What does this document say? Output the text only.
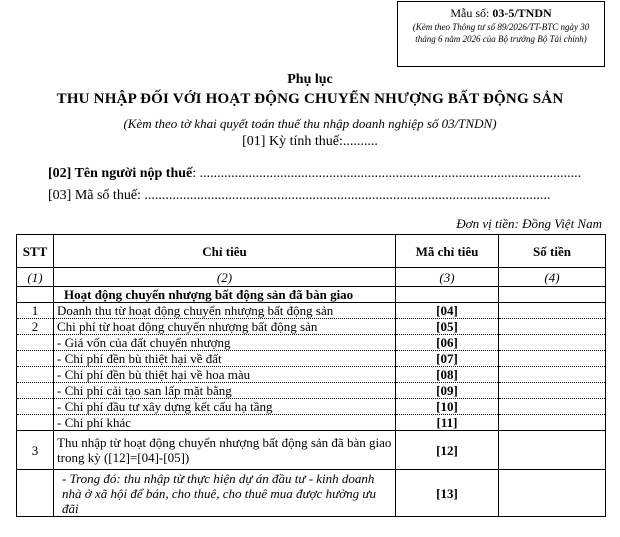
Mẫu số: 03-5/TNDN
(Kèm theo Thông tư số 89/2026/TT-BTC ngày 30 tháng 6 năm 2026 của Bộ trưởng Bộ Tài chính)
Phụ lục
THU NHẬP ĐỐI VỚI HOẠT ĐỘNG CHUYỂN NHƯỢNG BẤT ĐỘNG SẢN
(Kèm theo tờ khai quyết toán thuế thu nhập doanh nghiệp số 03/TNDN)
[01] Kỳ tính thuế:..........
[02] Tên người nộp thuế: .............................................................................................................
[03] Mã số thuế: ....................................................................................................................
Đơn vị tiền: Đồng Việt Nam
STT	Chỉ tiêu	Mã chỉ tiêu	Số tiền
(1)	(2)	(3)	(4)
	Hoạt động chuyển nhượng bất động sản đã bàn giao		
1	Doanh thu từ hoạt động chuyển nhượng bất động sản	[04]	
2	Chi phí từ hoạt động chuyển nhượng bất động sản	[05]	
	- Giá vốn của đất chuyển nhượng	[06]	
	- Chi phí đền bù thiệt hại về đất	[07]	
	- Chi phí đền bù thiệt hại về hoa màu	[08]	
	- Chi phí cải tạo san lấp mặt bằng	[09]	
	- Chi phí đầu tư xây dựng kết cấu hạ tầng	[10]	
	- Chi phí khác	[11]	
3	Thu nhập từ hoạt động chuyển nhượng bất động sản đã bàn giao trong kỳ ([12]=[04]-[05])	[12]	
	- Trong đó: thu nhập từ thực hiện dự án đầu tư - kinh doanh nhà ở xã hội để bán, cho thuê, cho thuê mua được hưởng ưu đãi	[13]	
